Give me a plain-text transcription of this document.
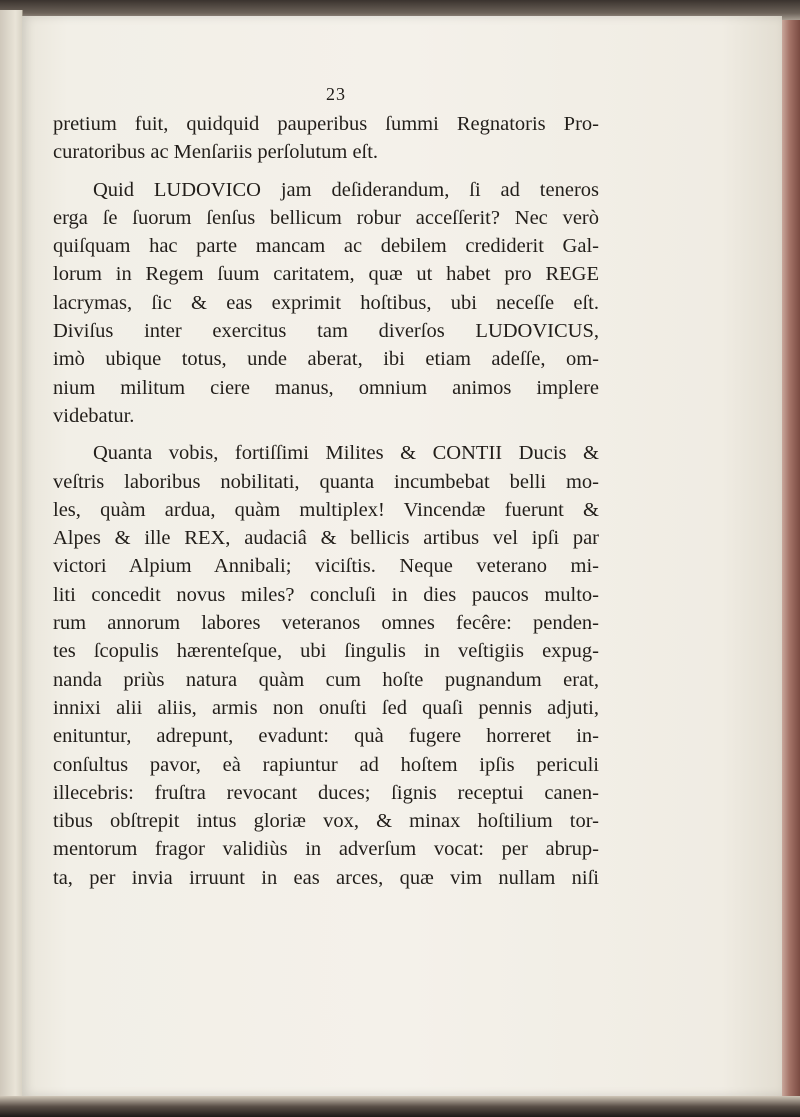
23
pretium fuit, quidquid pauperibus ſummi Regnatoris Pro-
curatoribus ac Menſariis perſolutum eſt.
Quid LUDOVICO jam deſiderandum, ſi ad teneros
erga ſe ſuorum ſenſus bellicum robur acceſſerit? Nec verò
quiſquam hac parte mancam ac debilem crediderit Gal-
lorum in Regem ſuum caritatem, quæ ut habet pro REGE
lacrymas, ſic & eas exprimit hoſtibus, ubi neceſſe eſt.
Diviſus inter exercitus tam diverſos LUDOVICUS,
imò ubique totus, unde aberat, ibi etiam adeſſe, om-
nium militum ciere manus, omnium animos implere
videbatur.
Quanta vobis, fortiſſimi Milites & CONTII Ducis &
veſtris laboribus nobilitati, quanta incumbebat belli mo-
les, quàm ardua, quàm multiplex! Vincendæ fuerunt &
Alpes & ille REX, audaciâ & bellicis artibus vel ipſi par
victori Alpium Annibali; viciſtis. Neque veterano mi-
liti concedit novus miles? concluſi in dies paucos multo-
rum annorum labores veteranos omnes fecêre: penden-
tes ſcopulis hærenteſque, ubi ſingulis in veſtigiis expug-
nanda priùs natura quàm cum hoſte pugnandum erat,
innixi alii aliis, armis non onuſti ſed quaſi pennis adjuti,
enituntur, adrepunt, evadunt: quà fugere horreret in-
conſultus pavor, eà rapiuntur ad hoſtem ipſis periculi
illecebris: fruſtra revocant duces; ſignis receptui canen-
tibus obſtrepit intus gloriæ vox, & minax hoſtilium tor-
mentorum fragor validiùs in adverſum vocat: per abrup-
ta, per invia irruunt in eas arces, quæ vim nullam niſi
